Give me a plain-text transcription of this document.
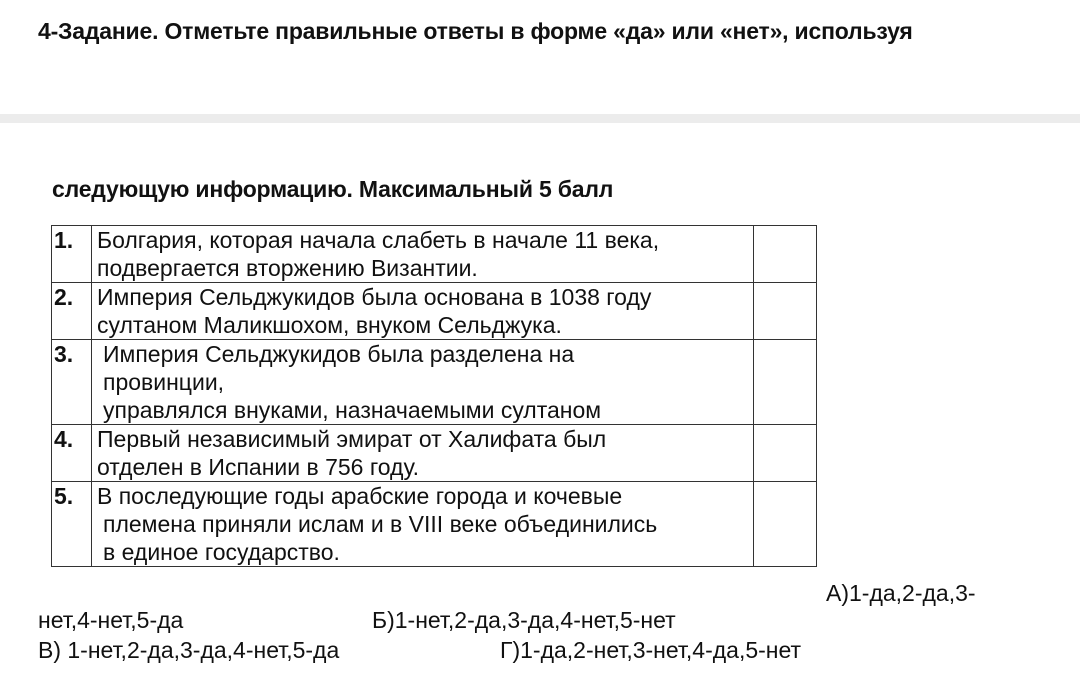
4-Задание. Отметьте правильные ответы в форме «да» или «нет», используя
следующую информацию. Максимальный 5 балл
1.	Болгария, которая начала слабеть в начале 11 века,
подвергается вторжению Византии.	

2.	Империя Сельджукидов была основана в 1038 году
султаном Маликшохом, внуком Сельджука.	

3.	Империя Сельджукидов была разделена на
провинции,
управлялся внуками, назначаемыми султаном	

4.	Первый независимый эмират от Халифата был
отделен в Испании в 756 году.	

5.	В последующие годы арабские города и кочевые
племена приняли ислам и в VIII веке объединились
в единое государство.	

А)1-да,2-да,3-
нет,4-нет,5-да	Б)1-нет,2-да,3-да,4-нет,5-нет
В) 1-нет,2-да,3-да,4-нет,5-да	Г)1-да,2-нет,3-нет,4-да,5-нет
